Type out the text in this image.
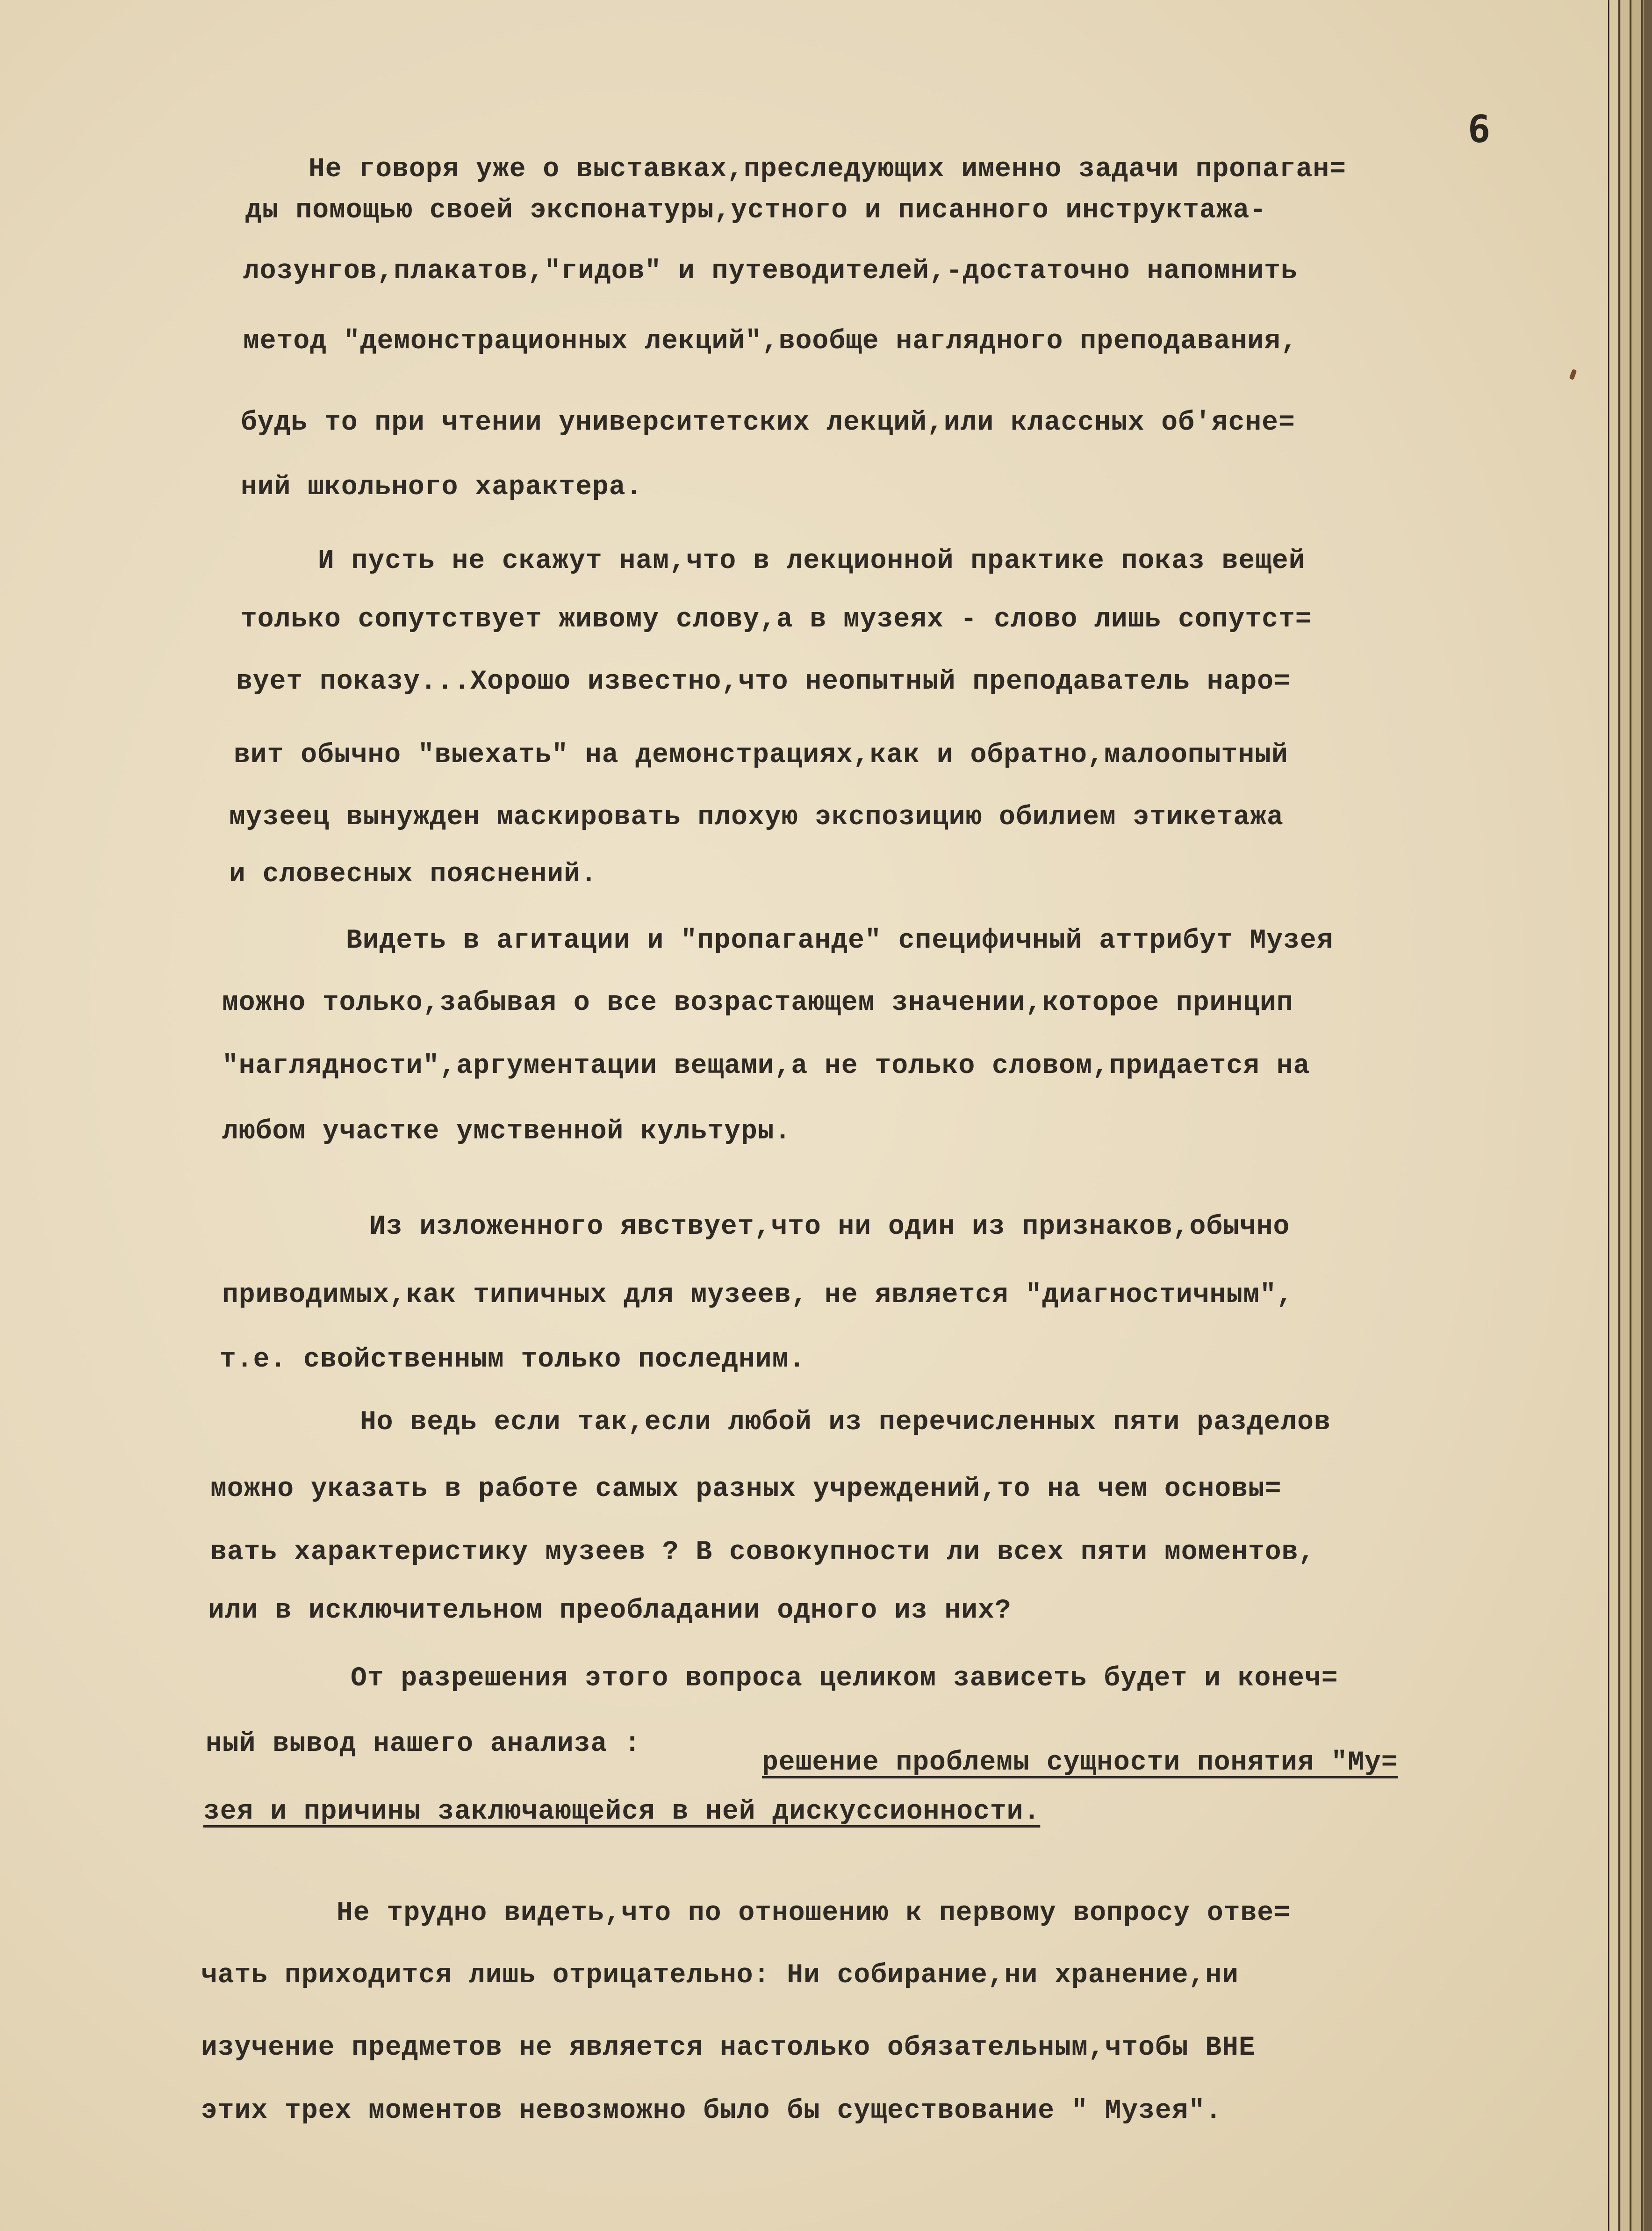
6
Не говоря уже о выставках,преследующих именно задачи пропаган=
ды помощью своей экспонатуры,устного и писанного инструктажа-
лозунгов,плакатов,"гидов" и путеводителей,-достаточно напомнить
метод "демонстрационных лекций",вообще наглядного преподавания,
будь то при чтении университетских лекций,или классных об'ясне=
ний школьного характера.
И пусть не скажут нам,что в лекционной практике показ вещей
только сопутствует живому слову,а в музеях - слово лишь сопутст=
вует показу...Хорошо известно,что неопытный преподаватель наро=
вит обычно "выехать" на демонстрациях,как и обратно,малоопытный
музеец вынужден маскировать плохую экспозицию обилием этикетажа
и словесных пояснений.
Видеть в агитации и "пропаганде" специфичный аттрибут Музея
можно только,забывая о все возрастающем значении,которое принцип
"наглядности",аргументации вещами,а не только словом,придается на
любом участке умственной культуры.
Из изложенного явствует,что ни один из признаков,обычно
приводимых,как типичных для музеев, не является "диагностичным",
т.е. свойственным только последним.
Но ведь если так,если любой из перечисленных пяти разделов
можно указать в работе самых разных учреждений,то на чем основы=
вать характеристику музеев ? В совокупности ли всех пяти моментов,
или в исключительном преобладании одного из них?
От разрешения этого вопроса целиком зависеть будет и конеч=
ный вывод нашего анализа :
решение проблемы сущности понятия "Му=
зея и причины заключающейся в ней дискуссионности.
Не трудно видеть,что по отношению к первому вопросу отве=
чать приходится лишь отрицательно: Ни собирание,ни хранение,ни
изучение предметов не является настолько обязательным,чтобы ВНЕ
этих трех моментов невозможно было бы существование " Музея".
